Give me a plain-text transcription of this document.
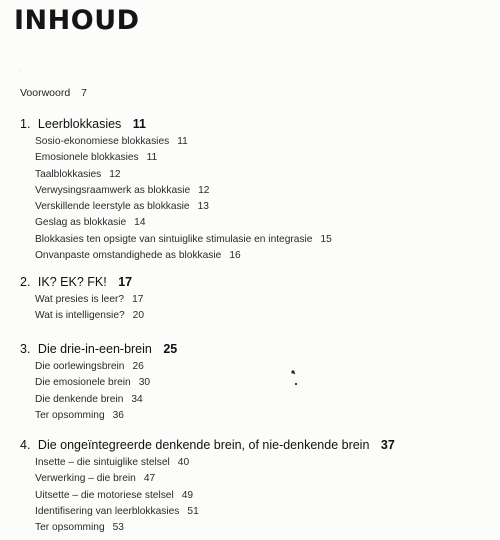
INHOUD
·
Voorwoord 7
1. Leerblokkasies 11
Sosio-ekonomiese blokkasies 11
Emosionele blokkasies 11
Taalblokkasies 12
Verwysingsraamwerk as blokkasie 12
Verskillende leerstyle as blokkasie 13
Geslag as blokkasie 14
Blokkasies ten opsigte van sintuiglike stimulasie en integrasie 15
Onvanpaste omstandighede as blokkasie 16
2. IK? EK? FK! 17
Wat presies is leer? 17
Wat is intelligensie? 20
3. Die drie-in-een-brein 25
Die oorlewingsbrein 26
Die emosionele brein 30
Die denkende brein 34
Ter opsomming 36
4. Die ongeïntegreerde denkende brein, of nie-denkende brein 37
Insette – die sintuiglike stelsel 40
Verwerking – die brein 47
Uitsette – die motoriese stelsel 49
Identifisering van leerblokkasies 51
Ter opsomming 53
